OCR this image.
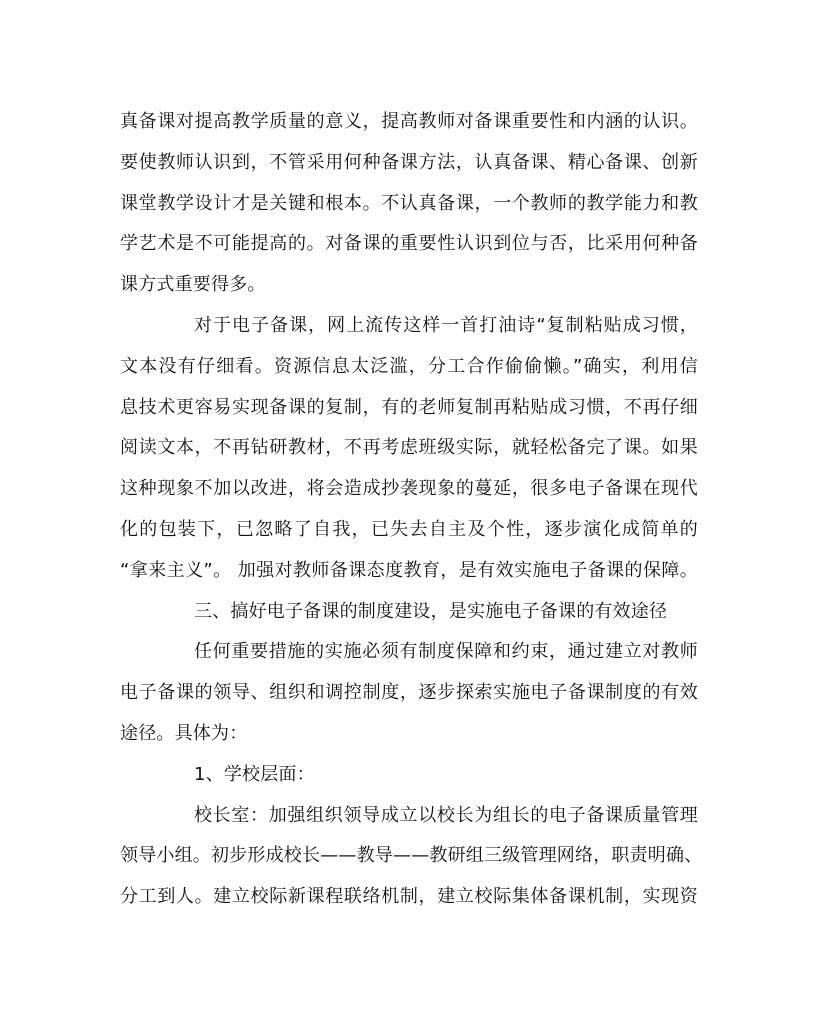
真备课对提高教学质量的意义，提高教师对备课重要性和内涵的认识。
要使教师认识到，不管采用何种备课方法，认真备课、精心备课、创新
课堂教学设计才是关键和根本。不认真备课，一个教师的教学能力和教
学艺术是不可能提高的。对备课的重要性认识到位与否，比采用何种备
课方式重要得多。

对于电子备课，网上流传这样一首打油诗“复制粘贴成习惯，
文本没有仔细看。资源信息太泛滥，分工合作偷偷懒。”确实，利用信
息技术更容易实现备课的复制，有的老师复制再粘贴成习惯，不再仔细
阅读文本，不再钻研教材，不再考虑班级实际，就轻松备完了课。如果
这种现象不加以改进，将会造成抄袭现象的蔓延，很多电子备课在现代
化的包装下，已忽略了自我，已失去自主及个性，逐步演化成简单的
“拿来主义”。 加强对教师备课态度教育，是有效实施电子备课的保障。

三、搞好电子备课的制度建设，是实施电子备课的有效途径

任何重要措施的实施必须有制度保障和约束，通过建立对教师
电子备课的领导、组织和调控制度，逐步探索实施电子备课制度的有效
途径。具体为：

1、学校层面：

校长室：加强组织领导成立以校长为组长的电子备课质量管理
领导小组。初步形成校长——教导——教研组三级管理网络，职责明确、
分工到人。建立校际新课程联络机制，建立校际集体备课机制，实现资
